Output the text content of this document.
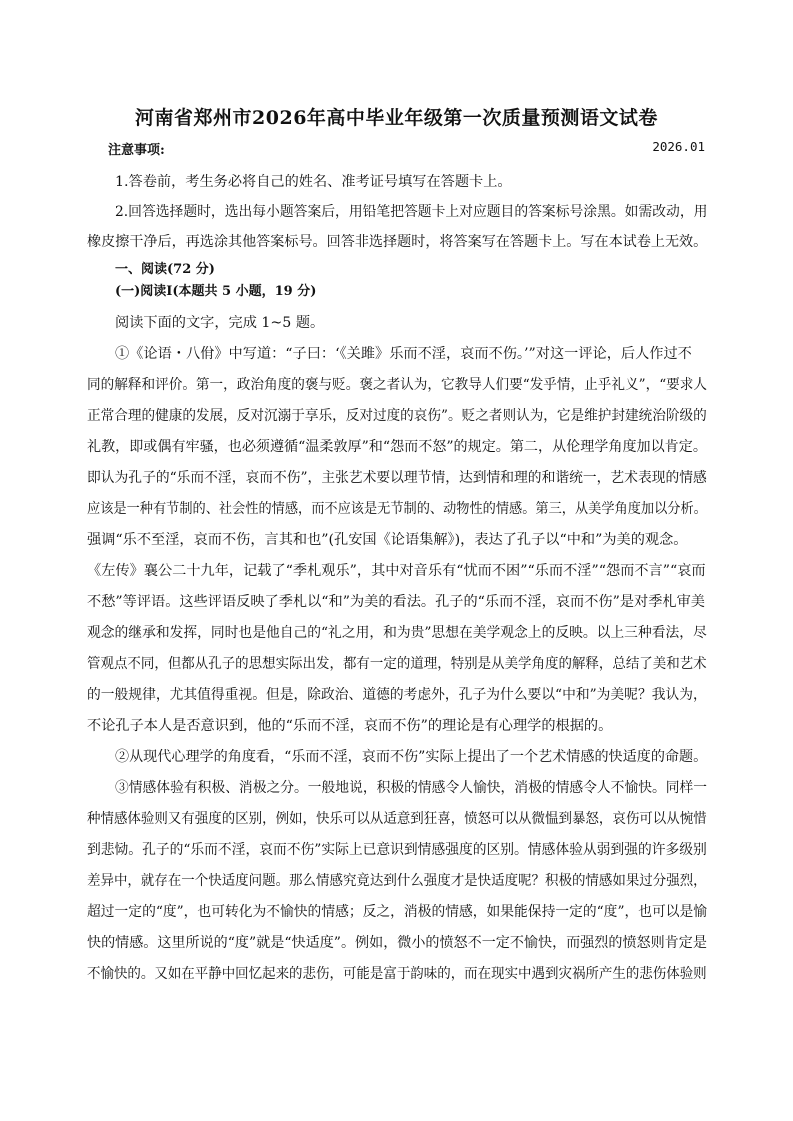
河南省郑州市2026年高中毕业年级第一次质量预测语文试卷
注意事项:	2026.01
1.答卷前，考生务必将自己的姓名、准考证号填写在答题卡上。
2.回答选择题时，选出每小题答案后，用铅笔把答题卡上对应题目的答案标号涂黑。如需改动，用
橡皮擦干净后，再选涂其他答案标号。回答非选择题时，将答案写在答题卡上。写在本试卷上无效。
一、阅读(72 分)
(一)阅读Ⅰ(本题共 5 小题，19 分)
阅读下面的文字，完成 1~5 题。
①《论语・八佾》中写道：“子曰：‘《关雎》乐而不淫，哀而不伤。’”对这一评论，后人作过不
同的解释和评价。第一，政治角度的褒与贬。褒之者认为，它教导人们要“发乎情，止乎礼义”，“要求人
正常合理的健康的发展，反对沉溺于享乐，反对过度的哀伤”。贬之者则认为，它是维护封建统治阶级的
礼教，即或偶有牢骚，也必须遵循“温柔敦厚”和“怨而不怒”的规定。第二，从伦理学角度加以肯定。
即认为孔子的“乐而不淫，哀而不伤”，主张艺术要以理节情，达到情和理的和谐统一，艺术表现的情感
应该是一种有节制的、社会性的情感，而不应该是无节制的、动物性的情感。第三，从美学角度加以分析。
强调“乐不至淫，哀而不伤，言其和也”(孔安国《论语集解》)，表达了孔子以“中和”为美的观念。
《左传》襄公二十九年，记载了“季札观乐”，其中对音乐有“忧而不困”“乐而不淫”“怨而不言”“哀而
不愁”等评语。这些评语反映了季札以“和”为美的看法。孔子的“乐而不淫，哀而不伤”是对季札审美
观念的继承和发挥，同时也是他自己的“礼之用，和为贵”思想在美学观念上的反映。以上三种看法，尽
管观点不同，但都从孔子的思想实际出发，都有一定的道理，特别是从美学角度的解释，总结了美和艺术
的一般规律，尤其值得重视。但是，除政治、道德的考虑外，孔子为什么要以“中和”为美呢？我认为，
不论孔子本人是否意识到，他的“乐而不淫，哀而不伤”的理论是有心理学的根据的。
②从现代心理学的角度看，“乐而不淫，哀而不伤”实际上提出了一个艺术情感的快适度的命题。
③情感体验有积极、消极之分。一般地说，积极的情感令人愉快，消极的情感令人不愉快。同样一
种情感体验则又有强度的区别，例如，快乐可以从适意到狂喜，愤怒可以从微愠到暴怒，哀伤可以从惋惜
到悲恸。孔子的“乐而不淫，哀而不伤”实际上已意识到情感强度的区别。情感体验从弱到强的许多级别
差异中，就存在一个快适度问题。那么情感究竟达到什么强度才是快适度呢？积极的情感如果过分强烈，
超过一定的“度”，也可转化为不愉快的情感；反之，消极的情感，如果能保持一定的“度”，也可以是愉
快的情感。这里所说的“度”就是“快适度”。例如，微小的愤怒不一定不愉快，而强烈的愤怒则肯定是
不愉快的。又如在平静中回忆起来的悲伤，可能是富于韵味的，而在现实中遇到灾祸所产生的悲伤体验则
